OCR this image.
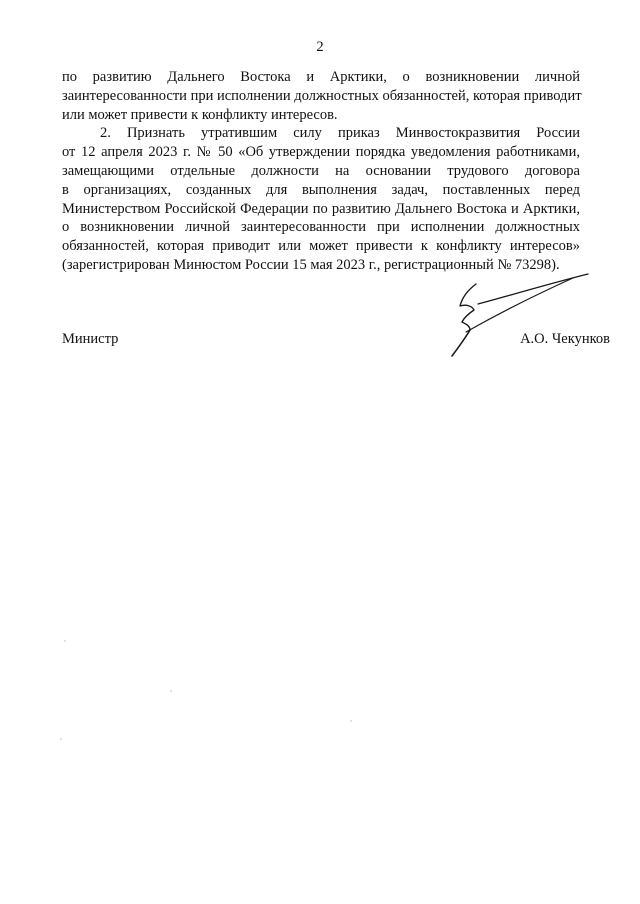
2

по развитию Дальнего Востока и Арктики, о возникновении личной
заинтересованности при исполнении должностных обязанностей, которая приводит
или может привести к конфликту интересов.

2. Признать утратившим силу приказ Минвостокразвития России
от 12 апреля 2023 г. № 50 «Об утверждении порядка уведомления работниками,
замещающими отдельные должности на основании трудового договора
в организациях, созданных для выполнения задач, поставленных перед
Министерством Российской Федерации по развитию Дальнего Востока и Арктики,
о возникновении личной заинтересованности при исполнении должностных
обязанностей, которая приводит или может привести к конфликту интересов»
(зарегистрирован Минюстом России 15 мая 2023 г., регистрационный № 73298).

Министр	А.О. Чекунков
